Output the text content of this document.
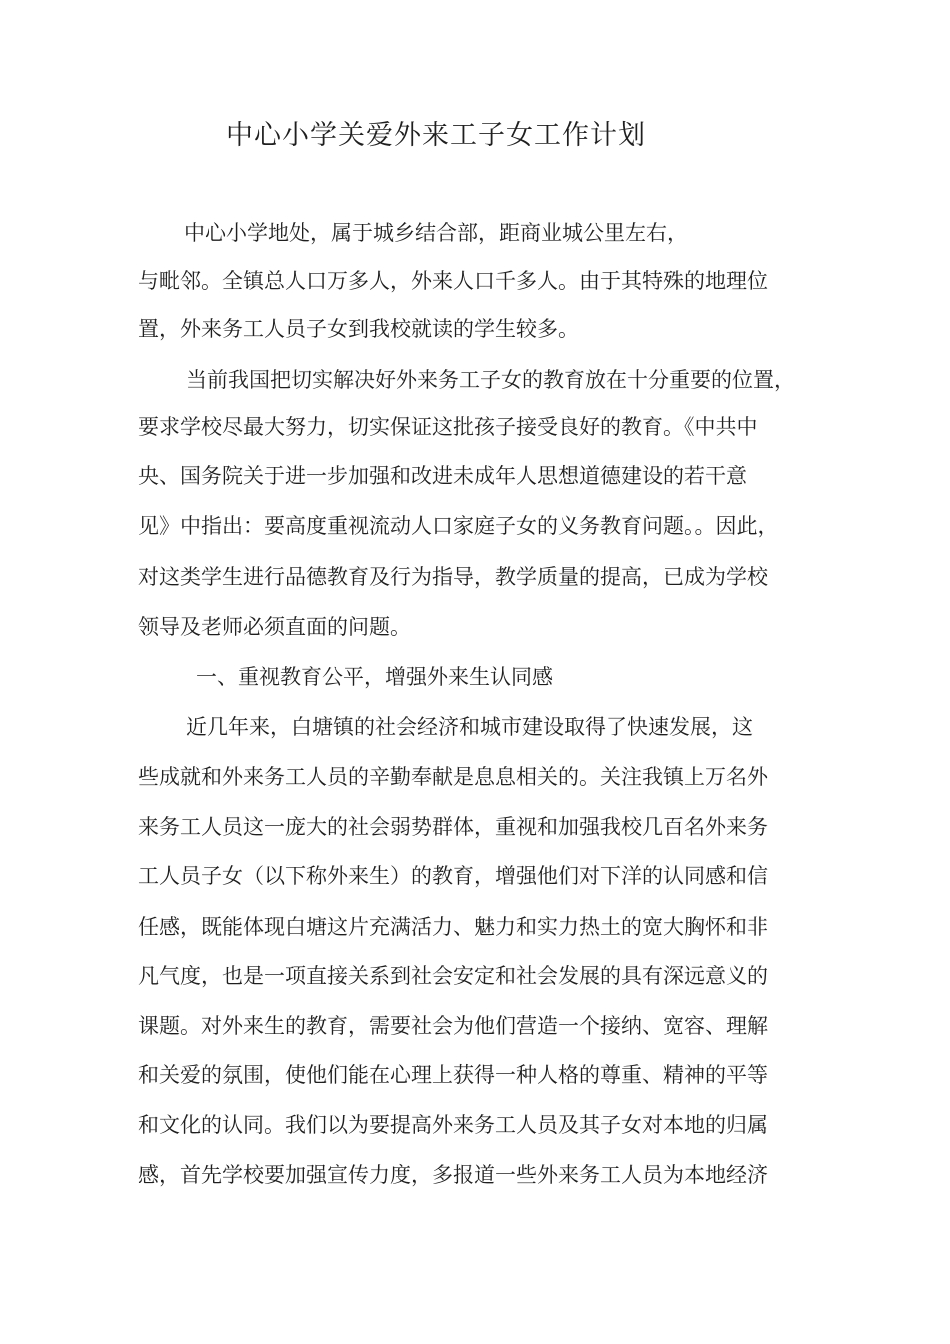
中心小学关爱外来工子女工作计划
中心小学地处，属于城乡结合部，距商业城公里左右，
与毗邻。全镇总人口万多人，外来人口千多人。由于其特殊的地理位
置，外来务工人员子女到我校就读的学生较多。
当前我国把切实解决好外来务工子女的教育放在十分重要的位置，
要求学校尽最大努力，切实保证这批孩子接受良好的教育。《中共中
央、国务院关于进一步加强和改进未成年人思想道德建设的若干意
见》中指出：要高度重视流动人口家庭子女的义务教育问题。。因此，
对这类学生进行品德教育及行为指导，教学质量的提高，已成为学校
领导及老师必须直面的问题。
一、重视教育公平，增强外来生认同感
近几年来，白塘镇的社会经济和城市建设取得了快速发展，这
些成就和外来务工人员的辛勤奉献是息息相关的。关注我镇上万名外
来务工人员这一庞大的社会弱势群体，重视和加强我校几百名外来务
工人员子女（以下称外来生）的教育，增强他们对下洋的认同感和信
任感，既能体现白塘这片充满活力、魅力和实力热土的宽大胸怀和非
凡气度，也是一项直接关系到社会安定和社会发展的具有深远意义的
课题。对外来生的教育，需要社会为他们营造一个接纳、宽容、理解
和关爱的氛围，使他们能在心理上获得一种人格的尊重、精神的平等
和文化的认同。我们以为要提高外来务工人员及其子女对本地的归属
感，首先学校要加强宣传力度，多报道一些外来务工人员为本地经济
